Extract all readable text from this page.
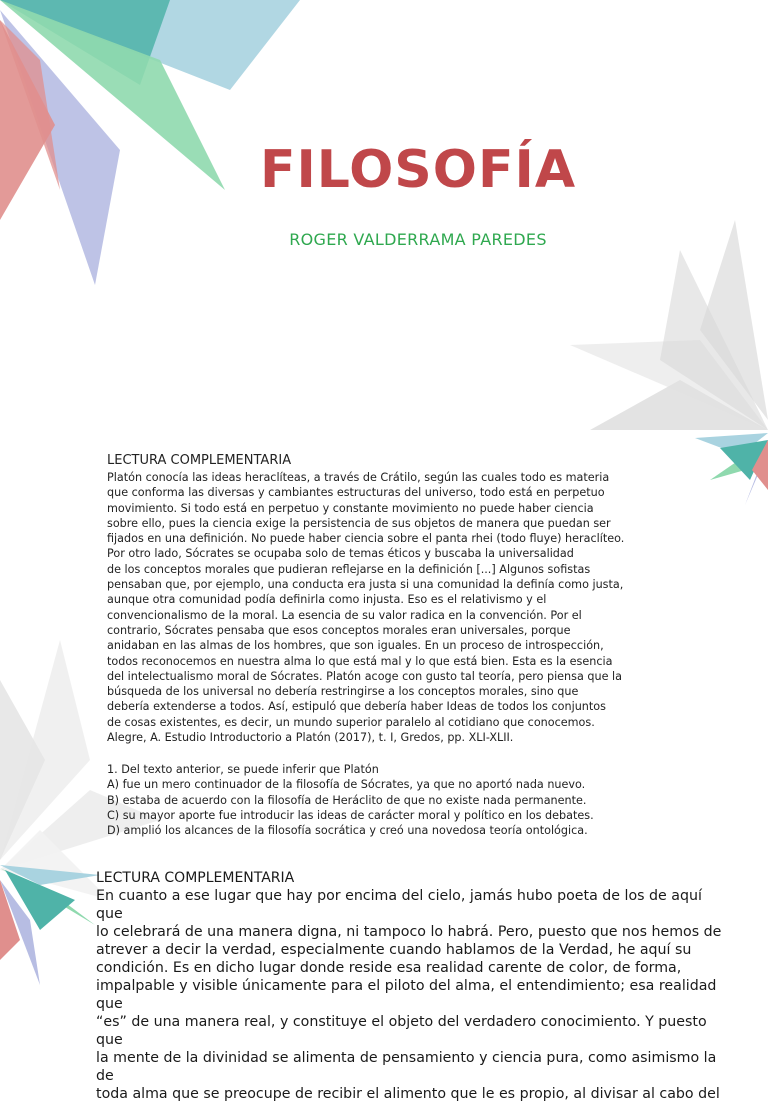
FILOSOFÍA
ROGER VALDERRAMA PAREDES
LECTURA COMPLEMENTARIA

Platón conocía las ideas heraclíteas, a través de Crátilo, según las cuales todo es materia
que conforma las diversas y cambiantes estructuras del universo, todo está en perpetuo
movimiento. Si todo está en perpetuo y constante movimiento no puede haber ciencia
sobre ello, pues la ciencia exige la persistencia de sus objetos de manera que puedan ser
fijados en una definición. No puede haber ciencia sobre el panta rhei (todo fluye) heraclíteo.
Por otro lado, Sócrates se ocupaba solo de temas éticos y buscaba la universalidad
de los conceptos morales que pudieran reflejarse en la definición [...] Algunos sofistas
pensaban que, por ejemplo, una conducta era justa si una comunidad la definía como justa,
aunque otra comunidad podía definirla como injusta. Eso es el relativismo y el
convencionalismo de la moral. La esencia de su valor radica en la convención. Por el
contrario, Sócrates pensaba que esos conceptos morales eran universales, porque
anidaban en las almas de los hombres, que son iguales. En un proceso de introspección,
todos reconocemos en nuestra alma lo que está mal y lo que está bien. Esta es la esencia
del intelectualismo moral de Sócrates. Platón acoge con gusto tal teoría, pero piensa que la
búsqueda de los universal no debería restringirse a los conceptos morales, sino que
debería extenderse a todos. Así, estipuló que debería haber Ideas de todos los conjuntos
de cosas existentes, es decir, un mundo superior paralelo al cotidiano que conocemos.
Alegre, A. Estudio Introductorio a Platón (2017), t. I, Gredos, pp. XLI-XLII.

1. Del texto anterior, se puede inferir que Platón
A) fue un mero continuador de la filosofía de Sócrates, ya que no aportó nada nuevo.
B) estaba de acuerdo con la filosofía de Heráclito de que no existe nada permanente.
C) su mayor aporte fue introducir las ideas de carácter moral y político en los debates.
D) amplió los alcances de la filosofía socrática y creó una novedosa teoría ontológica.
LECTURA COMPLEMENTARIA

En cuanto a ese lugar que hay por encima del cielo, jamás hubo poeta de los de aquí que
lo celebrará de una manera digna, ni tampoco lo habrá. Pero, puesto que nos hemos de
atrever a decir la verdad, especialmente cuando hablamos de la Verdad, he aquí su
condición. Es en dicho lugar donde reside esa realidad carente de color, de forma,
impalpable y visible únicamente para el piloto del alma, el entendimiento; esa realidad que
“es” de una manera real, y constituye el objeto del verdadero conocimiento. Y puesto que
la mente de la divinidad se alimenta de pensamiento y ciencia pura, como asimismo la de
toda alma que se preocupe de recibir el alimento que le es propio, al divisar al cabo del
